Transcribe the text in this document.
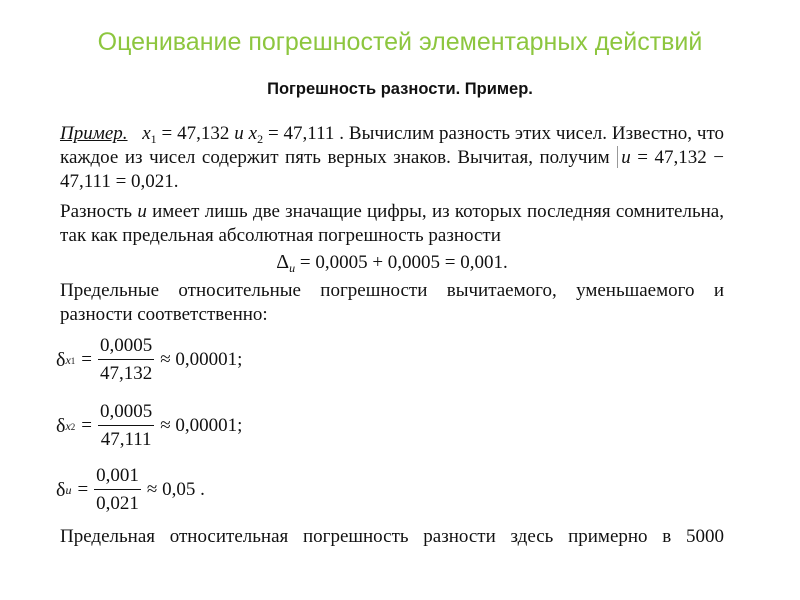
Оценивание погрешностей элементарных действий
Погрешность разности. Пример.

Пример. $x_1 = 47,132$ и $x_2 = 47,111$ . Вычислим разность этих чисел. Известно, что каждое из чисел содержит пять верных знаков. Вычитая, получим u = 47,132 − 47,111 = 0,021.

Разность u имеет лишь две значащие цифры, из которых последняя сомнительна, так как предельная абсолютная погрешность разности

$\Delta_u = 0,0005 + 0,0005 = 0,001$.

Предельные относительные погрешности вычитаемого, уменьшаемого и разности соответственно:

δ $x1 = \frac{0,0005}{47,132} \approx 0,00001$;
δ $x2 = \frac{0,0005}{47,111} \approx 0,00001$;
δ $u = \frac{0,001}{0,021} \approx 0,05$ .

Предельная относительная погрешность разности здесь примерно в 5000
